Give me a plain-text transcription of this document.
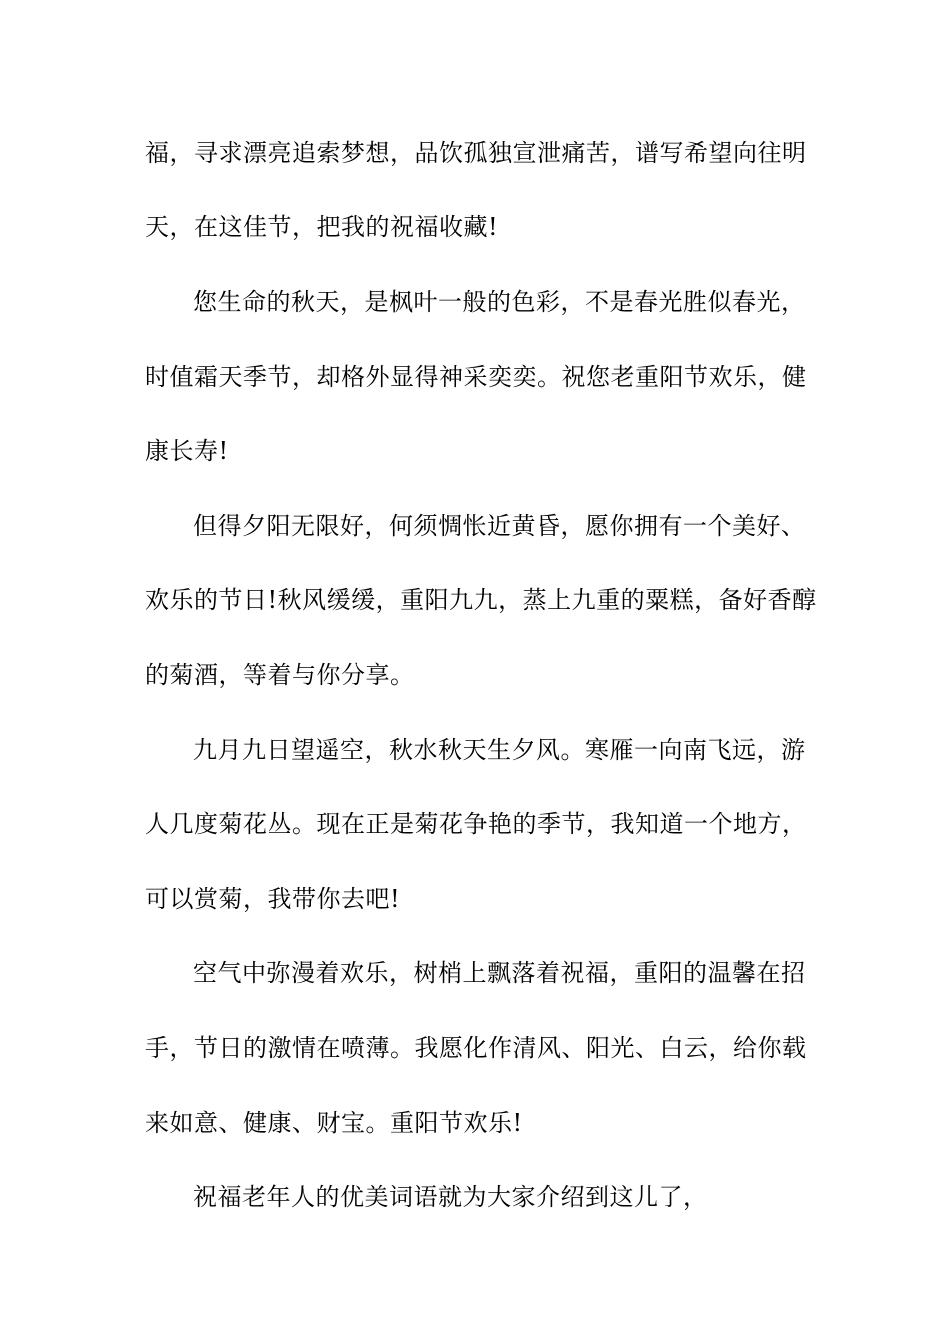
福，寻求漂亮追索梦想，品饮孤独宣泄痛苦，谱写希望向往明
天，在这佳节，把我的祝福收藏!
您生命的秋天，是枫叶一般的色彩，不是春光胜似春光，
时值霜天季节，却格外显得神采奕奕。祝您老重阳节欢乐，健
康长寿!
但得夕阳无限好，何须惆怅近黄昏，愿你拥有一个美好、
欢乐的节日!秋风缓缓，重阳九九，蒸上九重的粟糕，备好香醇
的菊酒，等着与你分享。
九月九日望遥空，秋水秋天生夕风。寒雁一向南飞远，游
人几度菊花丛。现在正是菊花争艳的季节，我知道一个地方，
可以赏菊，我带你去吧!
空气中弥漫着欢乐，树梢上飘落着祝福，重阳的温馨在招
手，节日的激情在喷薄。我愿化作清风、阳光、白云，给你载
来如意、健康、财宝。重阳节欢乐!
祝福老年人的优美词语就为大家介绍到这儿了，
